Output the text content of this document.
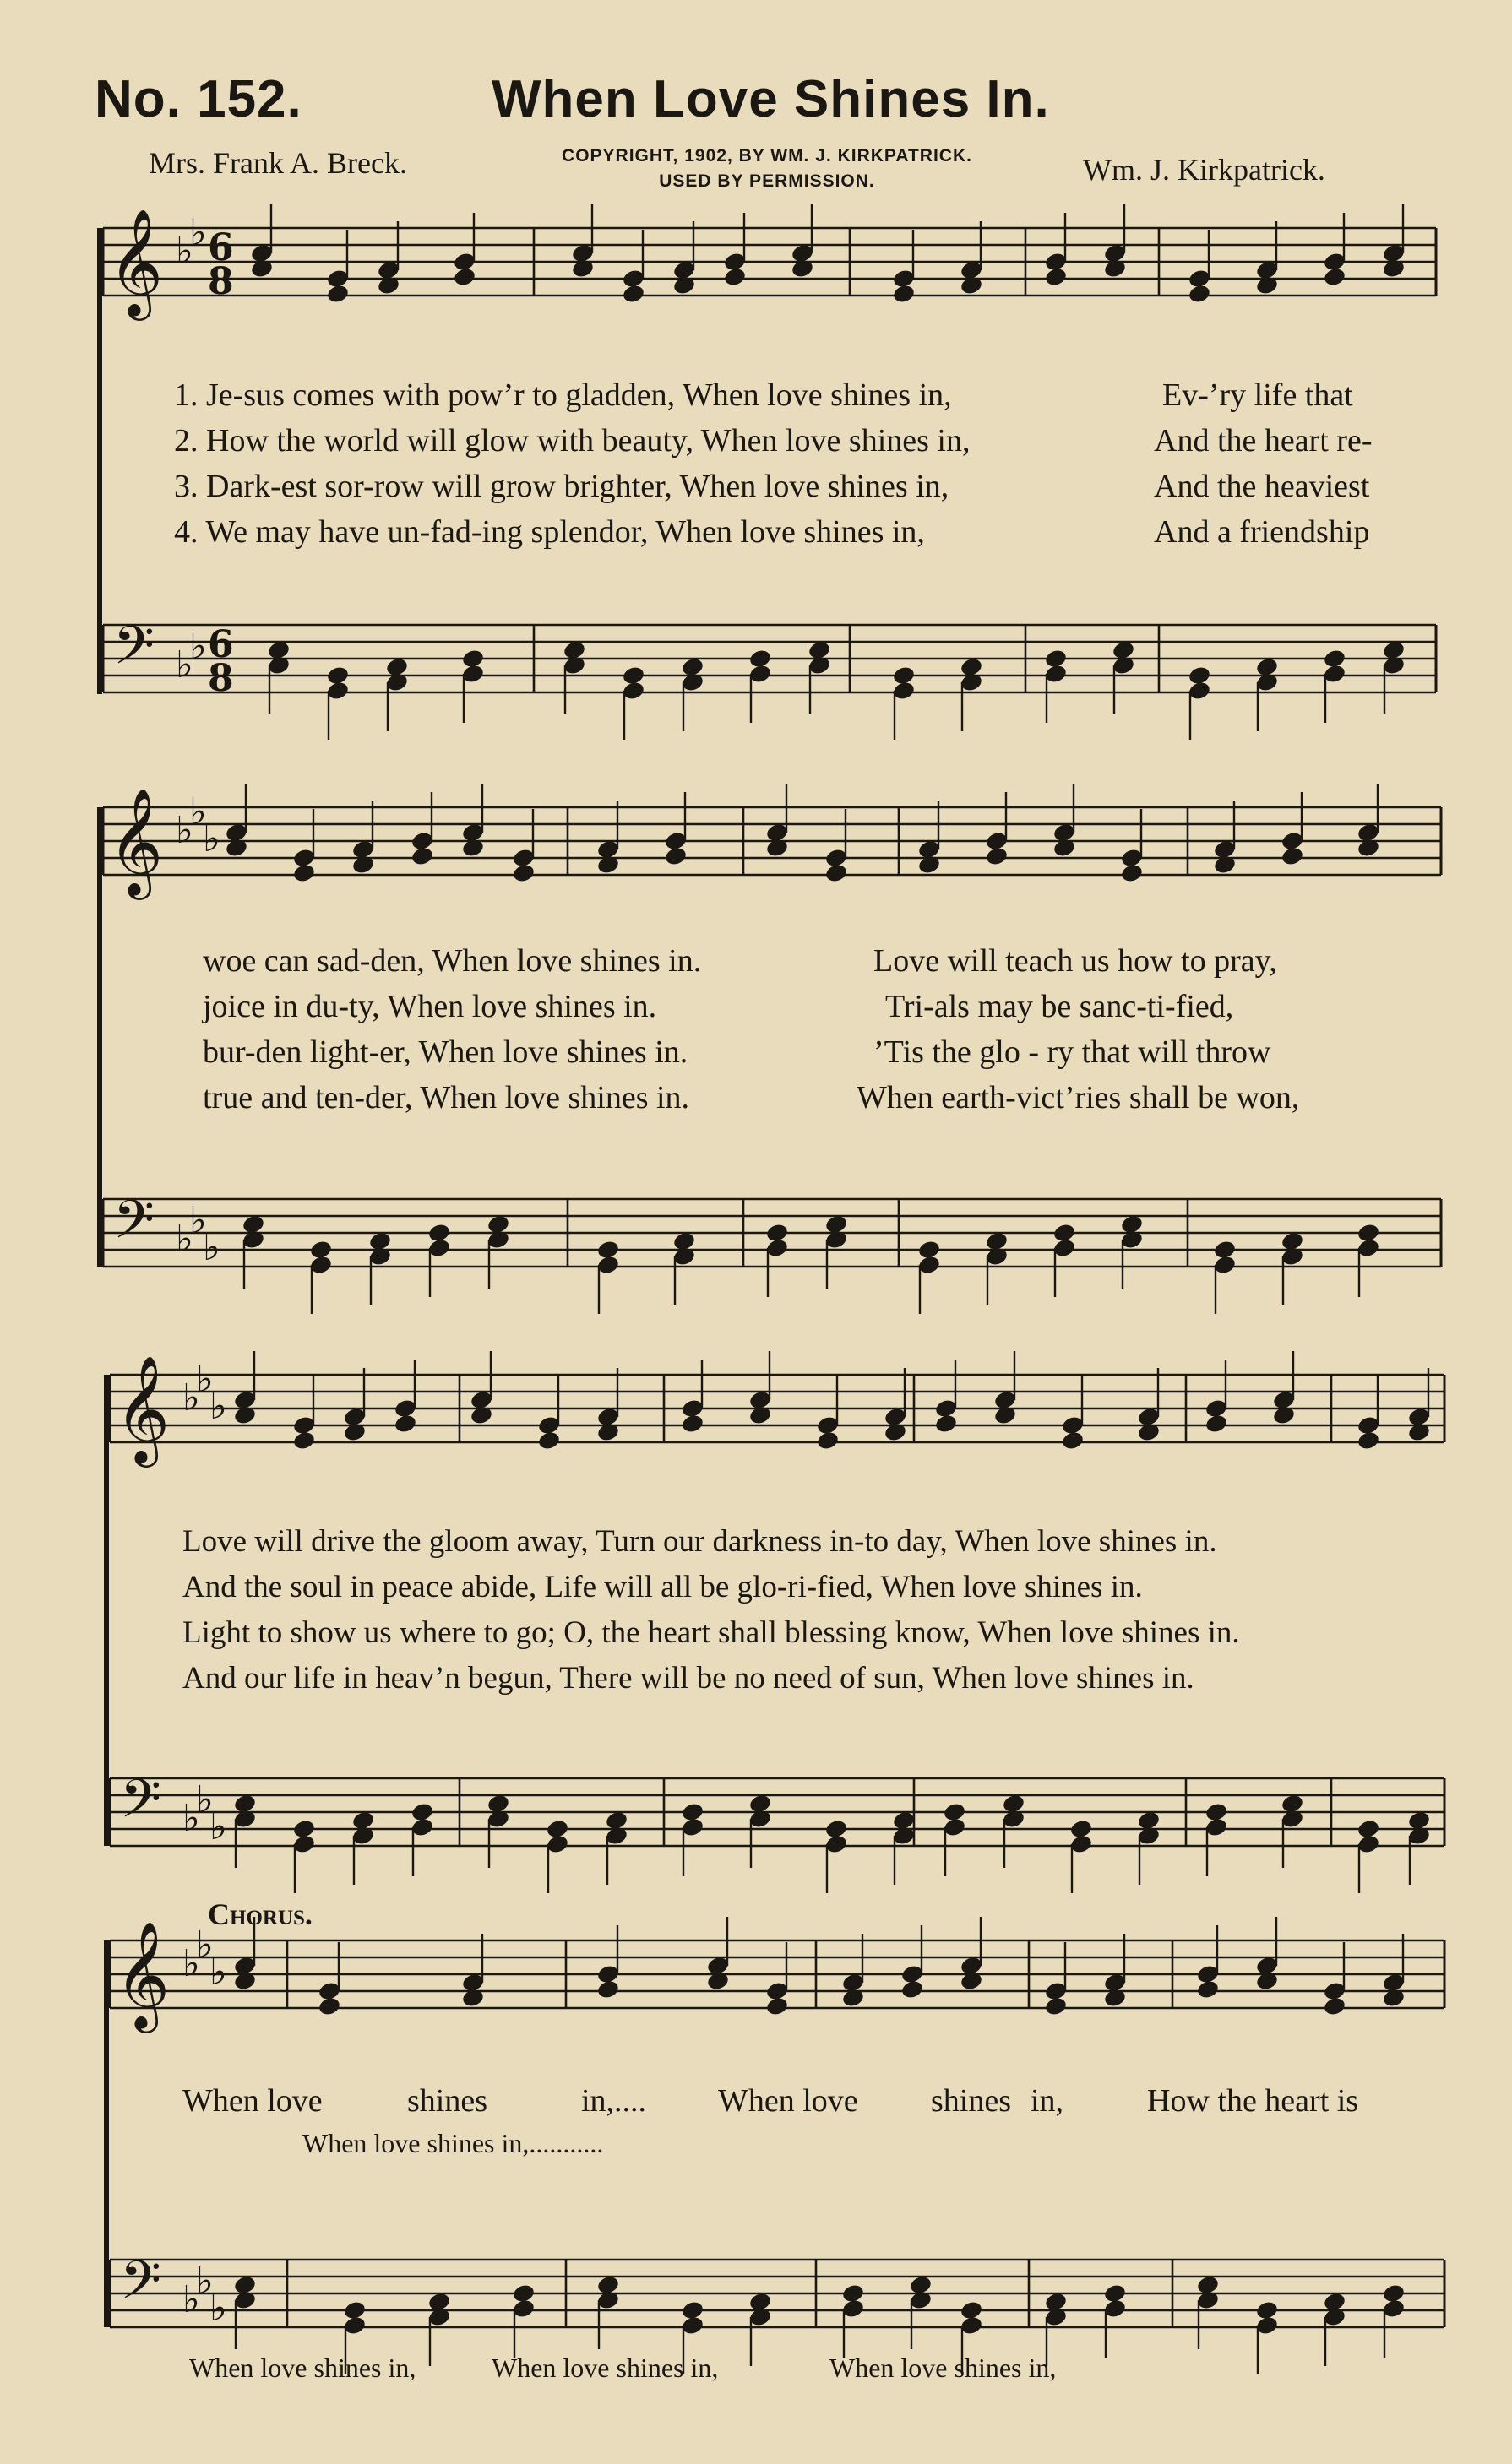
No. 152.	When Love Shines In.
Mrs. Frank A. Breck.	COPYRIGHT, 1902, BY WM. J. KIRKPATRICK.
USED BY PERMISSION.	Wm. J. Kirkpatrick.
𝄞
𝄢
♭
♭
♭
♭
6
8
6
8
𝄞
𝄢
♭
♭
♭
♭
♭
♭
𝄞
𝄢
♭
♭
♭
♭
♭
♭
𝄞
𝄢
♭
♭
♭
♭
♭
♭
1. Je-sus comes with pow’r to gladden, When love shines in,
2. How the world will glow with beauty, When love shines in,
3. Dark-est sor-row will grow brighter, When love shines in,
4. We may have un-fad-ing splendor, When love shines in,
Ev-’ry life that
And the heart re-
And the heaviest
And a friendship
woe can sad-den, When love shines in.
joice in du-ty, When love shines in.
bur-den light-er, When love shines in.
true and ten-der, When love shines in.
Love will teach us how to pray,
Tri-als may be sanc-ti-fied,
’Tis the glo - ry that will throw
When earth-vict’ries shall be won,
Love will drive the gloom away, Turn our darkness in-to day, When love shines in.
And the soul in peace abide, Life will all be glo-ri-fied, When love shines in.
Light to show us where to go; O, the heart shall blessing know, When love shines in.
And our life in heav’n begun, There will be no need of sun, When love shines in.
Chorus.
When love	shines	in,.... When love shines in,	How the heart is
When love shines in,...........
When love shines in,	When love shines in,	When love shines in,
